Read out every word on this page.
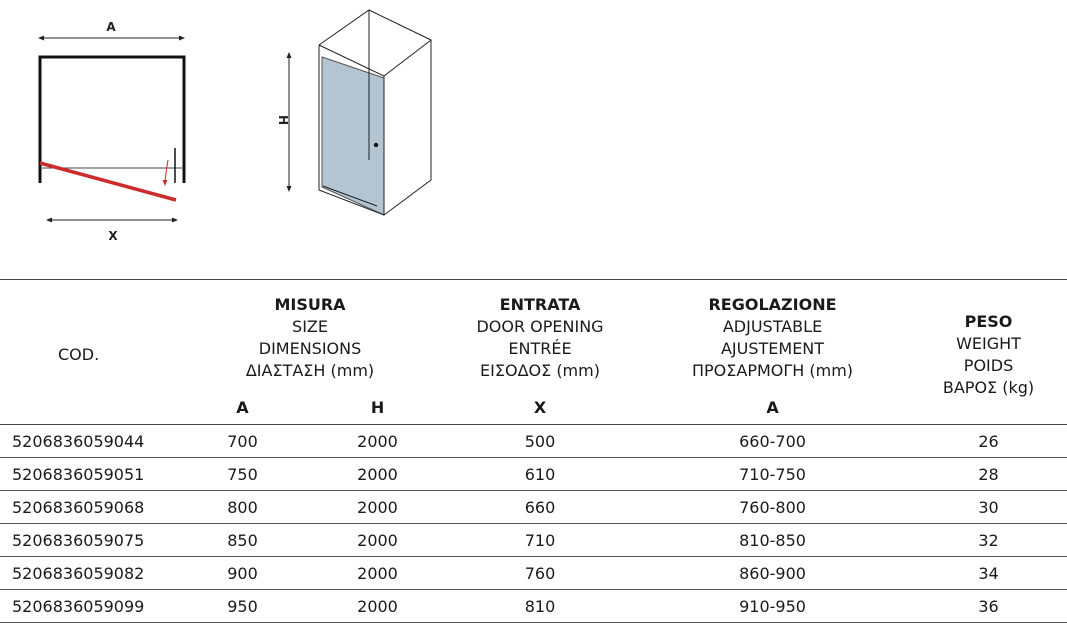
A
X
H
COD.	MISURA
SIZE
DIMENSIONS
ΔΙΑΣΤΑΣΗ (mm)		ENTRATA
DOOR OPENING
ENTRÉE
ΕΙΣΟΔΟΣ (mm)	REGOLAZIONE
ADJUSTABLE
AJUSTEMENT
ΠΡΟΣΑΡΜΟΓΗ (mm)	PESO
WEIGHT
POIDS
ΒΑΡΟΣ (kg)

	A	H	X	A	
5206836059044	700	2000	500	660-700	26
5206836059051	750	2000	610	710-750	28
5206836059068	800	2000	660	760-800	30
5206836059075	850	2000	710	810-850	32
5206836059082	900	2000	760	860-900	34
5206836059099	950	2000	810	910-950	36
